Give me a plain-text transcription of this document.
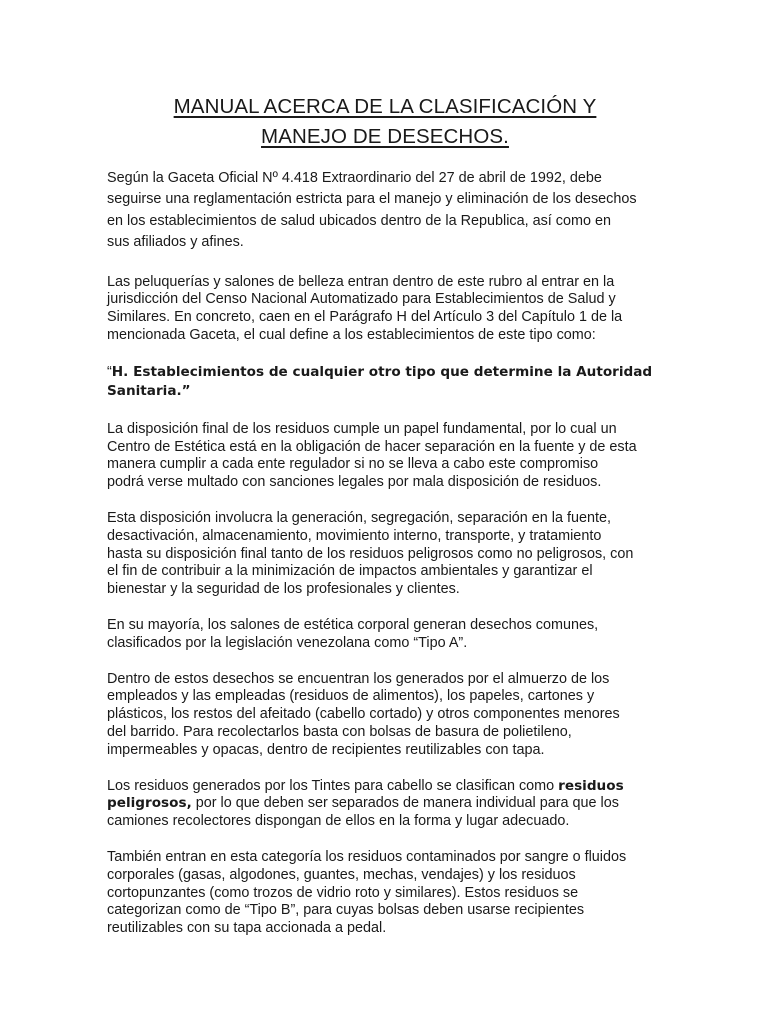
MANUAL ACERCA DE LA CLASIFICACIÓN Y
MANEJO DE DESECHOS.

Según la Gaceta Oficial Nº 4.418 Extraordinario del 27 de abril de 1992, debe
seguirse una reglamentación estricta para el manejo y eliminación de los desechos
en los establecimientos de salud ubicados dentro de la Republica, así como en
sus afiliados y afines.

Las peluquerías y salones de belleza entran dentro de este rubro al entrar en la
jurisdicción del Censo Nacional Automatizado para Establecimientos de Salud y
Similares. En concreto, caen en el Parágrafo H del Artículo 3 del Capítulo 1 de la
mencionada Gaceta, el cual define a los establecimientos de este tipo como:

“H. Establecimientos de cualquier otro tipo que determine la Autoridad
Sanitaria.”

La disposición final de los residuos cumple un papel fundamental, por lo cual un
Centro de Estética está en la obligación de hacer separación en la fuente y de esta
manera cumplir a cada ente regulador si no se lleva a cabo este compromiso
podrá verse multado con sanciones legales por mala disposición de residuos.

Esta disposición involucra la generación, segregación, separación en la fuente,
desactivación, almacenamiento, movimiento interno, transporte, y tratamiento
hasta su disposición final tanto de los residuos peligrosos como no peligrosos, con
el fin de contribuir a la minimización de impactos ambientales y garantizar el
bienestar y la seguridad de los profesionales y clientes.

En su mayoría, los salones de estética corporal generan desechos comunes,
clasificados por la legislación venezolana como “Tipo A”.

Dentro de estos desechos se encuentran los generados por el almuerzo de los
empleados y las empleadas (residuos de alimentos), los papeles, cartones y
plásticos, los restos del afeitado (cabello cortado) y otros componentes menores
del barrido. Para recolectarlos basta con bolsas de basura de polietileno,
impermeables y opacas, dentro de recipientes reutilizables con tapa.

Los residuos generados por los Tintes para cabello se clasifican como residuos
peligrosos, por lo que deben ser separados de manera individual para que los
camiones recolectores dispongan de ellos en la forma y lugar adecuado.

También entran en esta categoría los residuos contaminados por sangre o fluidos
corporales (gasas, algodones, guantes, mechas, vendajes) y los residuos
cortopunzantes (como trozos de vidrio roto y similares). Estos residuos se
categorizan como de “Tipo B”, para cuyas bolsas deben usarse recipientes
reutilizables con su tapa accionada a pedal.
